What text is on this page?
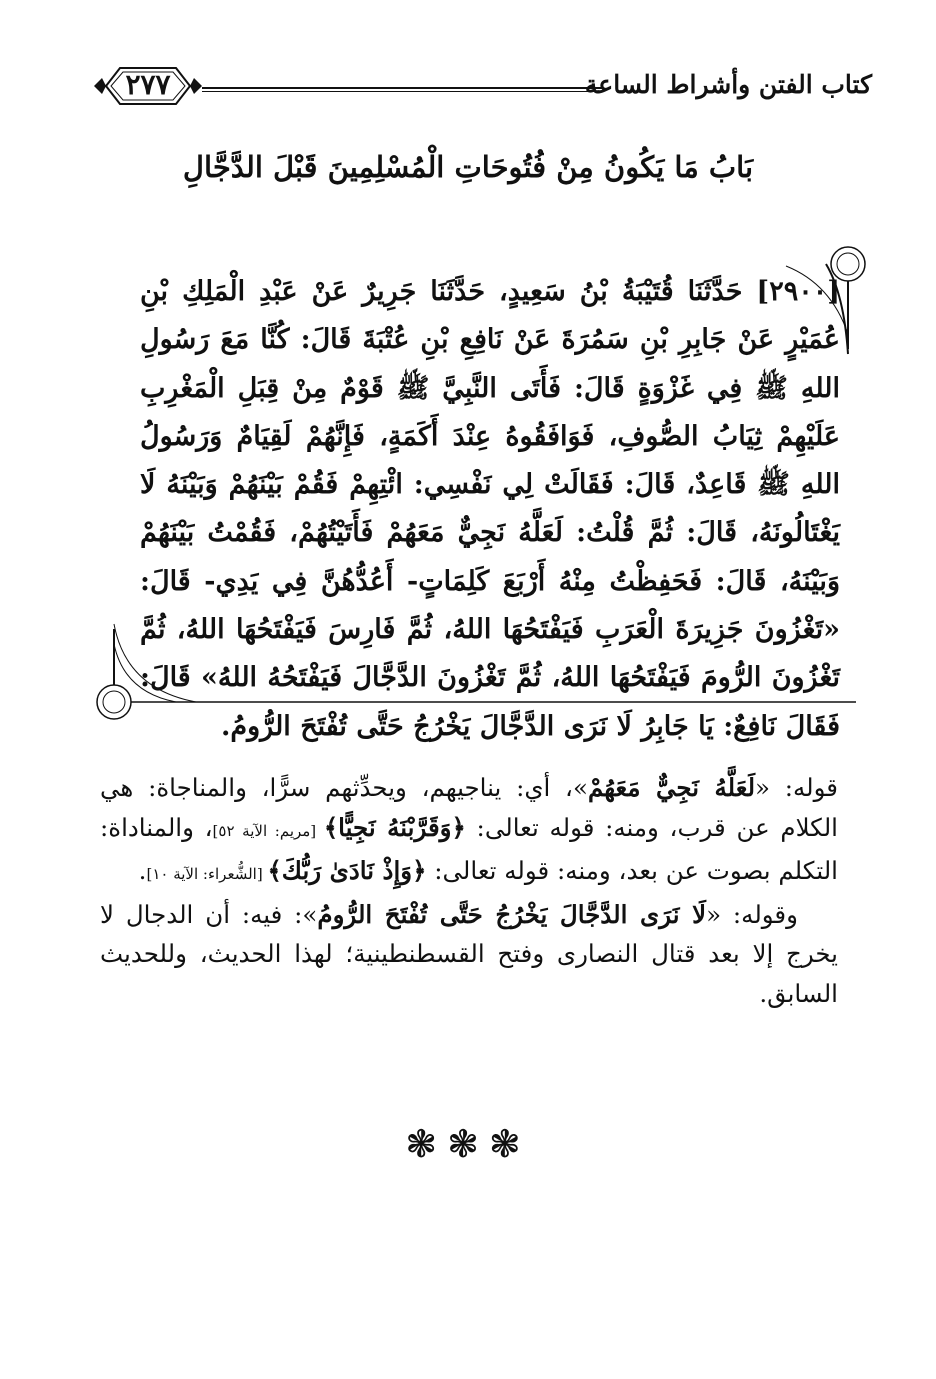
كتاب الفتن وأشراط الساعة
٢٧٧
بَابُ مَا يَكُونُ مِنْ فُتُوحَاتِ الْمُسْلِمِينَ قَبْلَ الدَّجَّالِ
[٢٩٠٠] حَدَّثَنَا قُتَيْبَةُ بْنُ سَعِيدٍ، حَدَّثَنَا جَرِيرٌ عَنْ عَبْدِ الْمَلِكِ بْنِ عُمَيْرٍ عَنْ جَابِرِ بْنِ سَمُرَةَ عَنْ نَافِعِ بْنِ عُتْبَةَ قَالَ: كُنَّا مَعَ رَسُولِ اللهِ ﷺ فِي غَزْوَةٍ قَالَ: فَأَتَى النَّبِيَّ ﷺ قَوْمٌ مِنْ قِبَلِ الْمَغْرِبِ عَلَيْهِمْ ثِيَابُ الصُّوفِ، فَوَافَقُوهُ عِنْدَ أَكَمَةٍ، فَإِنَّهُمْ لَقِيَامٌ وَرَسُولُ اللهِ ﷺ قَاعِدٌ، قَالَ: فَقَالَتْ لِي نَفْسِي: ائْتِهِمْ فَقُمْ بَيْنَهُمْ وَبَيْنَهُ لَا يَغْتَالُونَهُ، قَالَ: ثُمَّ قُلْتُ: لَعَلَّهُ نَجِيٌّ مَعَهُمْ فَأَتَيْتُهُمْ، فَقُمْتُ بَيْنَهُمْ وَبَيْنَهُ، قَالَ: فَحَفِظْتُ مِنْهُ أَرْبَعَ كَلِمَاتٍ- أَعُدُّهُنَّ فِي يَدِي- قَالَ: «تَغْزُونَ جَزِيرَةَ الْعَرَبِ فَيَفْتَحُهَا اللهُ، ثُمَّ فَارِسَ فَيَفْتَحُهَا اللهُ، ثُمَّ تَغْزُونَ الرُّومَ فَيَفْتَحُهَا اللهُ، ثُمَّ تَغْزُونَ الدَّجَّالَ فَيَفْتَحُهُ اللهُ» قَالَ: فَقَالَ نَافِعٌ: يَا جَابِرُ لَا نَرَى الدَّجَّالَ يَخْرُجُ حَتَّى تُفْتَحَ الرُّومُ.

قوله: «لَعَلَّهُ نَجِيٌّ مَعَهُمْ»، أي: يناجيهم، ويحدِّثهم سرًّا، والمناجاة: هي الكلام عن قرب، ومنه: قوله تعالى: ﴿وَقَرَّبْنَهُ نَجِيًّا﴾ [مريم: الآية ٥٢]، والمناداة: التكلم بصوت عن بعد، ومنه: قوله تعالى: ﴿وَإِذْ نَادَىٰ رَبُّكَ﴾ [الشُّعراء: الآية ١٠].

وقوله: «لَا نَرَى الدَّجَّالَ يَخْرُجُ حَتَّى تُفْتَحَ الرُّومُ»: فيه: أن الدجال لا يخرج إلا بعد قتال النصارى وفتح القسطنطينية؛ لهذا الحديث، وللحديث السابق.

❃❃❃
